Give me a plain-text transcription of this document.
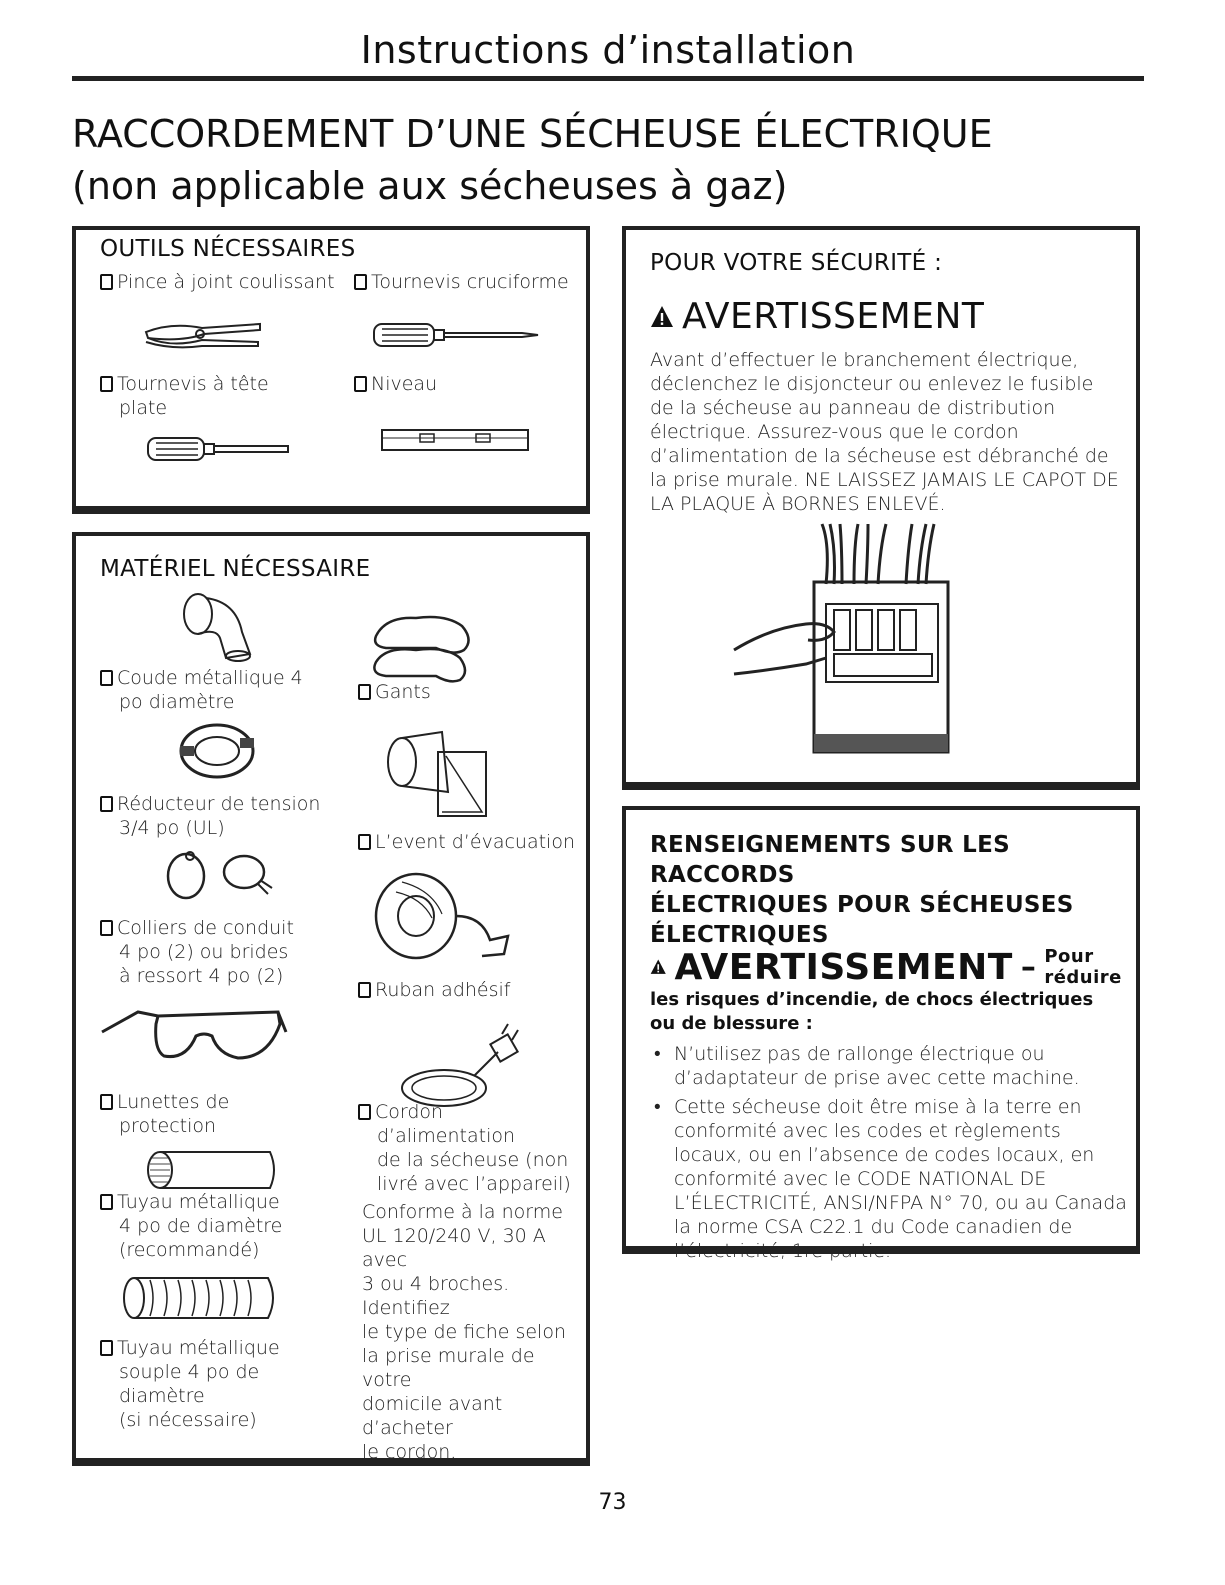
Instructions d’installation
RACCORDEMENT D’UNE SÉCHEUSE ÉLECTRIQUE
(non applicable aux sécheuses à gaz)
OUTILS NÉCESSAIRES
Pince à joint coulissant	Tournevis cruciforme
Tournevis à tête
plate
Niveau
MATÉRIEL NÉCESSAIRE
Coude métallique 4
po diamètre
Réducteur de tension
3/4 po (UL)
Colliers de conduit
4 po (2) ou brides
à ressort 4 po (2)
Lunettes de
protection
Tuyau métallique
4 po de diamètre
(recommandé)
Tuyau métallique
souple 4 po de
diamètre
(si nécessaire)
Gants
L’event d’évacuation
Ruban adhésif
Cordon
d’alimentation
de la sécheuse (non
livré avec l’appareil)
Conforme à la norme
UL 120/240 V, 30 A
avec
3 ou 4 broches.
Identifiez
le type de fiche selon
la prise murale de votre
domicile avant
d’acheter
le cordon.
POUR VOTRE SÉCURITÉ :
AVERTISSEMENT
Avant d’effectuer le branchement électrique, déclenchez le disjoncteur ou enlevez le fusible de la sécheuse au panneau de distribution électrique. Assurez-vous que le cordon d’alimentation de la sécheuse est débranché de la prise murale. NE LAISSEZ JAMAIS LE CAPOT DE LA PLAQUE À BORNES ENLEVÉ.
RENSEIGNEMENTS SUR LES RACCORDS
ÉLECTRIQUES POUR SÉCHEUSES
ÉLECTRIQUES
AVERTISSEMENT – Pour réduire
les risques d’incendie, de chocs électriques ou de blessure :
• N’utilisez pas de rallonge électrique ou d’adaptateur de prise avec cette machine.
• Cette sécheuse doit être mise à la terre en conformité avec les codes et règlements locaux, ou en l’absence de codes locaux, en conformité avec le CODE NATIONAL DE L’ÉLECTRICITÉ, ANSI/NFPA N° 70, ou au Canada la norme CSA C22.1 du Code canadien de l’électricité, 1re partie.
73
